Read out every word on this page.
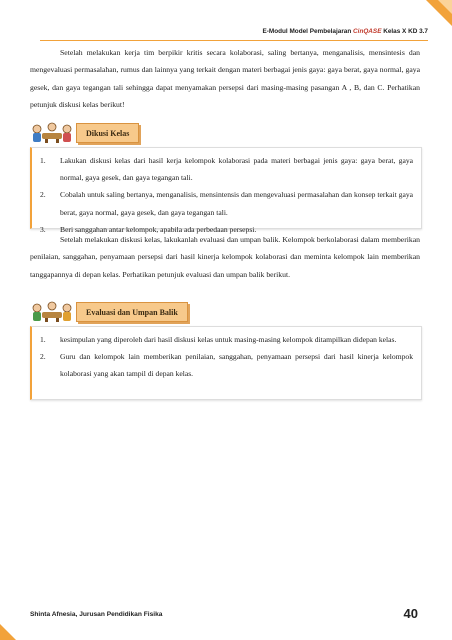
E-Modul Model Pembelajaran CinQASE Kelas X KD 3.7

Setelah melakukan kerja tim berpikir kritis secara kolaborasi, saling bertanya, menganalisis, mensintesis dan mengevaluasi permasalahan, rumus dan lainnya yang terkait dengan materi berbagai jenis gaya: gaya berat, gaya normal, gaya gesek, dan gaya tegangan tali sehingga dapat menyamakan persepsi dari masing-masing pasangan A , B, dan C. Perhatikan petunjuk diskusi kelas berikut!

Dikusi Kelas
1. Lakukan diskusi kelas dari hasil kerja kelompok kolaborasi pada materi berbagai jenis gaya: gaya berat, gaya normal, gaya gesek, dan gaya tegangan tali.
2. Cobalah untuk saling bertanya, menganalisis, mensintensis dan mengevaluasi permasalahan dan konsep terkait gaya berat, gaya normal, gaya gesek, dan gaya tegangan tali.
3. Beri sanggahan antar kelompok, apabila ada perbedaan persepsi.

Setelah melakukan diskusi kelas, lakukanlah evaluasi dan umpan balik. Kelompok berkolaborasi dalam memberikan penilaian, sanggahan, penyamaan persepsi dari hasil kinerja kelompok kolaborasi dan meminta kelompok lain memberikan tanggapannya di depan kelas. Perhatikan petunjuk evaluasi dan umpan balik berikut.

Evaluasi dan Umpan Balik
1. kesimpulan yang diperoleh dari hasil diskusi kelas untuk masing-masing kelompok ditampilkan didepan kelas.
2. Guru dan kelompok lain memberikan penilaian, sanggahan, penyamaan persepsi dari hasil kinerja kelompok kolaborasi yang akan tampil di depan kelas.
Shinta Afnesia, Jurusan Pendidikan Fisika	40
